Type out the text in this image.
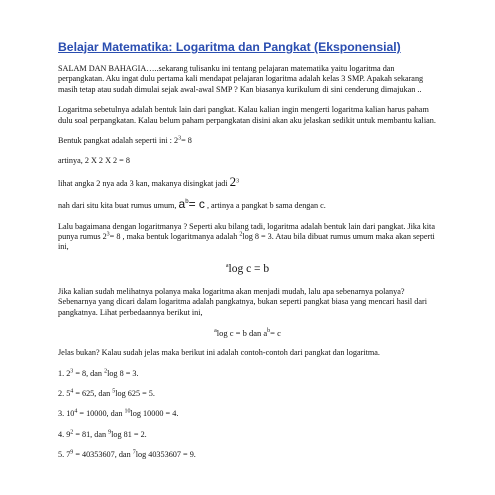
Belajar Matematika: Logaritma dan Pangkat (Eksponensial)

SALAM DAN BAHAGIA…..sekarang tulisanku ini tentang pelajaran matematika yaitu logaritma dan perpangkatan. Aku ingat dulu pertama kali mendapat pelajaran logaritma adalah kelas 3 SMP. Apakah sekarang masih tetap atau sudah dimulai sejak awal-awal SMP ? Kan biasanya kurikulum di sini cenderung dimajukan ..

Logaritma sebetulnya adalah bentuk lain dari pangkat. Kalau kalian ingin mengerti logaritma kalian harus paham dulu soal perpangkatan. Kalau belum paham perpangkatan disini akan aku jelaskan sedikit untuk membantu kalian.

Bentuk pangkat adalah seperti ini : $2^3= 8$
artinya, 2 X 2 X 2 = 8
lihat angka 2 nya ada 3 kan, makanya disingkat jadi $2^3$
nah dari situ kita buat rumus umum, $a^b= c$ , artinya a pangkat b sama dengan c.

Lalu bagaimana dengan logaritmanya ? Seperti aku bilang tadi, logaritma adalah bentuk lain dari pangkat. Jika kita punya rumus $2^3= 8$ , maka bentuk logaritmanya adalah $^2$log 8 = 3. Atau bila dibuat rumus umum maka akan seperti ini,

$^a$log c = b

Jika kalian sudah melihatnya polanya maka logaritma akan menjadi mudah, lalu apa sebenarnya polanya? Sebenarnya yang dicari dalam logaritma adalah pangkatnya, bukan seperti pangkat biasa yang mencari hasil dari pangkatnya. Lihat perbedaannya berikut ini,

$^a$log c = b dan $a^b= c$

Jelas bukan? Kalau sudah jelas maka berikut ini adalah contoh-contoh dari pangkat dan logaritma.

1. $2^3 = 8$, dan $^2$log 8 = 3.
2. $5^4 = 625$, dan $^5$log 625 = 5.
3. $10^4 = 10000$, dan $^{10}$log 10000 = 4.
4. $9^2 = 81$, dan $^9$log 81 = 2.
5. $7^9 = 40353607$, dan $^7$log 40353607 = 9.
